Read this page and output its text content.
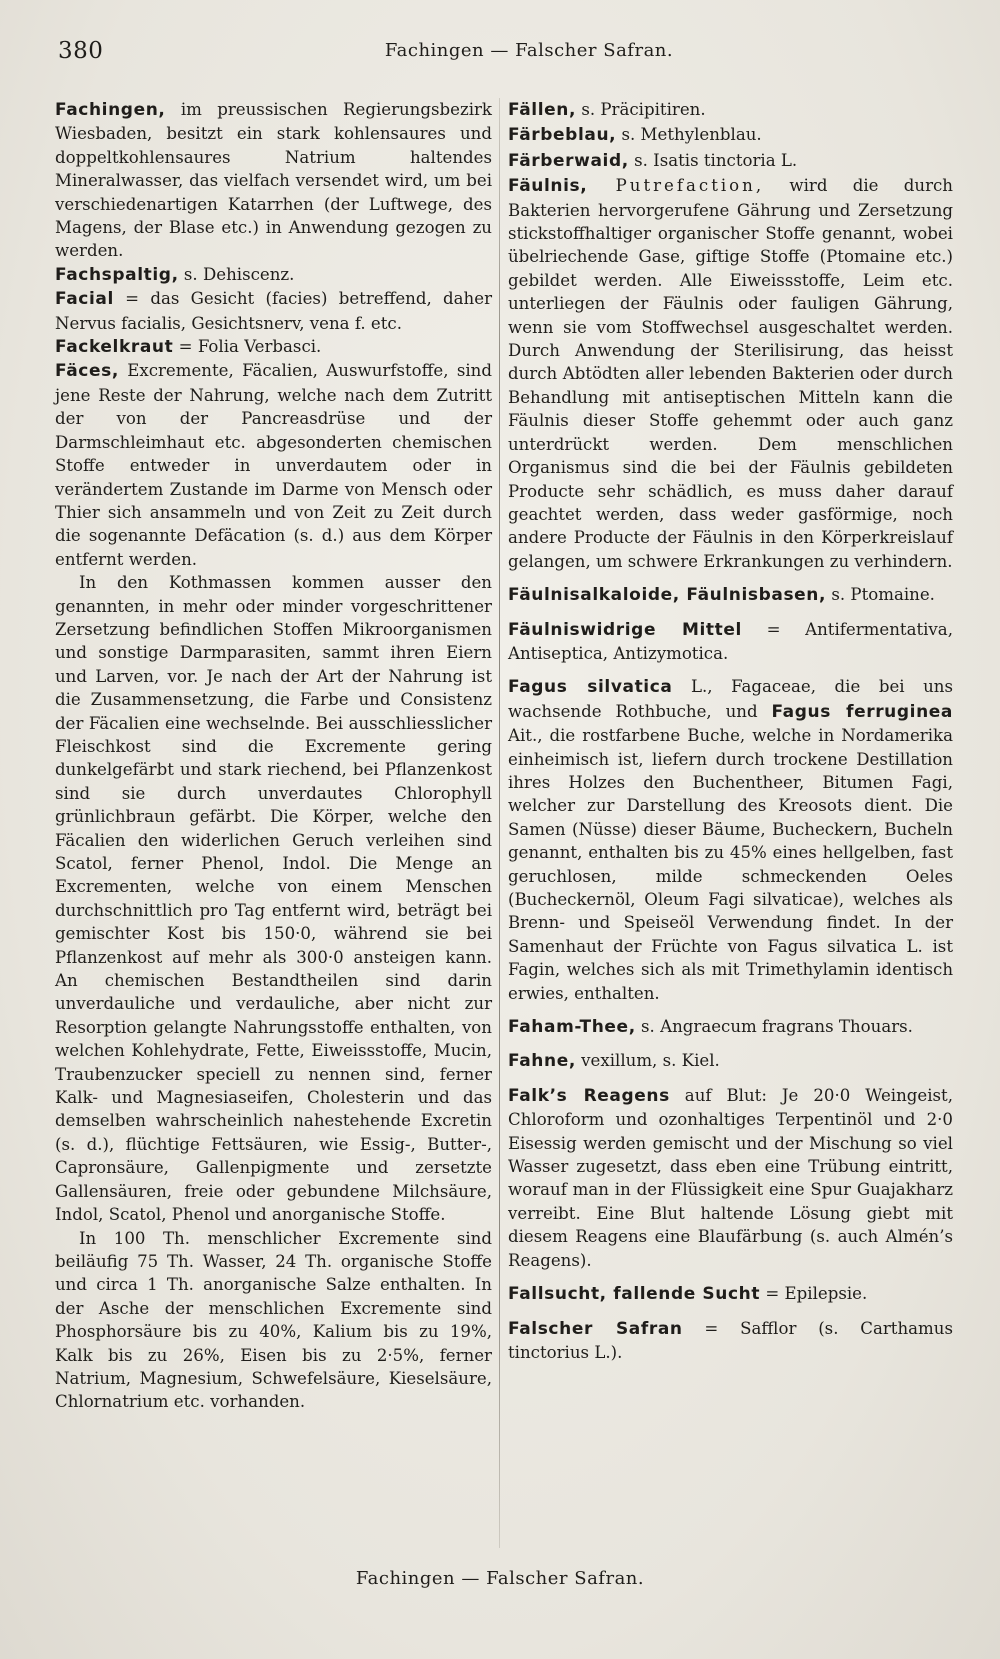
380	Fachingen — Falscher Safran.

Fachingen, im preussischen Regierungsbezirk Wiesbaden, besitzt ein stark kohlensaures und doppeltkohlensaures Natrium haltendes Mineralwasser, das vielfach versendet wird, um bei verschiedenartigen Katarrhen (der Luftwege, des Magens, der Blase etc.) in Anwendung gezogen zu werden.

Fachspaltig, s. Dehiscenz.

Facial = das Gesicht (facies) betreffend, daher Nervus facialis, Gesichtsnerv, vena f. etc.

Fackelkraut = Folia Verbasci.

Fäces, Excremente, Fäcalien, Auswurfstoffe, sind jene Reste der Nahrung, welche nach dem Zutritt der von der Pancreasdrüse und der Darmschleimhaut etc. abgesonderten chemischen Stoffe entweder in unverdautem oder in verändertem Zustande im Darme von Mensch oder Thier sich ansammeln und von Zeit zu Zeit durch die sogenannte Defäcation (s. d.) aus dem Körper entfernt werden.

In den Kothmassen kommen ausser den genannten, in mehr oder minder vorgeschrittener Zersetzung befindlichen Stoffen Mikroorganismen und sonstige Darmparasiten, sammt ihren Eiern und Larven, vor. Je nach der Art der Nahrung ist die Zusammensetzung, die Farbe und Consistenz der Fäcalien eine wechselnde. Bei ausschliesslicher Fleischkost sind die Excremente gering dunkelgefärbt und stark riechend, bei Pflanzenkost sind sie durch unverdautes Chlorophyll grünlichbraun gefärbt. Die Körper, welche den Fäcalien den widerlichen Geruch verleihen sind Scatol, ferner Phenol, Indol. Die Menge an Excrementen, welche von einem Menschen durchschnittlich pro Tag entfernt wird, beträgt bei gemischter Kost bis 150·0, während sie bei Pflanzenkost auf mehr als 300·0 ansteigen kann. An chemischen Bestandtheilen sind darin unverdauliche und verdauliche, aber nicht zur Resorption gelangte Nahrungsstoffe enthalten, von welchen Kohlehydrate, Fette, Eiweissstoffe, Mucin, Traubenzucker speciell zu nennen sind, ferner Kalk- und Magnesiaseifen, Cholesterin und das demselben wahrscheinlich nahestehende Excretin (s. d.), flüchtige Fettsäuren, wie Essig-, Butter-, Capronsäure, Gallenpigmente und zersetzte Gallensäuren, freie oder gebundene Milchsäure, Indol, Scatol, Phenol und anorganische Stoffe.

In 100 Th. menschlicher Excremente sind beiläufig 75 Th. Wasser, 24 Th. organische Stoffe und circa 1 Th. anorganische Salze enthalten. In der Asche der menschlichen Excremente sind Phosphorsäure bis zu 40%, Kalium bis zu 19%, Kalk bis zu 26%, Eisen bis zu 2·5%, ferner Natrium, Magnesium, Schwefelsäure, Kieselsäure, Chlornatrium etc. vorhanden.

Fällen, s. Präcipitiren.

Färbeblau, s. Methylenblau.

Färberwaid, s. Isatis tinctoria L.

Fäulnis, Putrefaction, wird die durch Bakterien hervorgerufene Gährung und Zersetzung stickstoffhaltiger organischer Stoffe genannt, wobei übelriechende Gase, giftige Stoffe (Ptomaine etc.) gebildet werden. Alle Eiweissstoffe, Leim etc. unterliegen der Fäulnis oder fauligen Gährung, wenn sie vom Stoffwechsel ausgeschaltet werden. Durch Anwendung der Sterilisirung, das heisst durch Abtödten aller lebenden Bakterien oder durch Behandlung mit antiseptischen Mitteln kann die Fäulnis dieser Stoffe gehemmt oder auch ganz unterdrückt werden. Dem menschlichen Organismus sind die bei der Fäulnis gebildeten Producte sehr schädlich, es muss daher darauf geachtet werden, dass weder gasförmige, noch andere Producte der Fäulnis in den Körperkreislauf gelangen, um schwere Erkrankungen zu verhindern.

Fäulnisalkaloide, Fäulnisbasen, s. Ptomaine.

Fäulniswidrige Mittel = Antifermentativa, Antiseptica, Antizymotica.

Fagus silvatica L., Fagaceae, die bei uns wachsende Rothbuche, und Fagus ferruginea Ait., die rostfarbene Buche, welche in Nordamerika einheimisch ist, liefern durch trockene Destillation ihres Holzes den Buchentheer, Bitumen Fagi, welcher zur Darstellung des Kreosots dient. Die Samen (Nüsse) dieser Bäume, Bucheckern, Bucheln genannt, enthalten bis zu 45% eines hellgelben, fast geruchlosen, milde schmeckenden Oeles (Bucheckernöl, Oleum Fagi silvaticae), welches als Brenn- und Speiseöl Verwendung findet. In der Samenhaut der Früchte von Fagus silvatica L. ist Fagin, welches sich als mit Trimethylamin identisch erwies, enthalten.

Faham-Thee, s. Angraecum fragrans Thouars.

Fahne, vexillum, s. Kiel.

Falk’s Reagens auf Blut: Je 20·0 Weingeist, Chloroform und ozonhaltiges Terpentinöl und 2·0 Eisessig werden gemischt und der Mischung so viel Wasser zugesetzt, dass eben eine Trübung eintritt, worauf man in der Flüssigkeit eine Spur Guajakharz verreibt. Eine Blut haltende Lösung giebt mit diesem Reagens eine Blaufärbung (s. auch Almén’s Reagens).

Fallsucht, fallende Sucht = Epilepsie.

Falscher Safran = Safflor (s. Carthamus tinctorius L.).

Fachingen — Falscher Safran.
